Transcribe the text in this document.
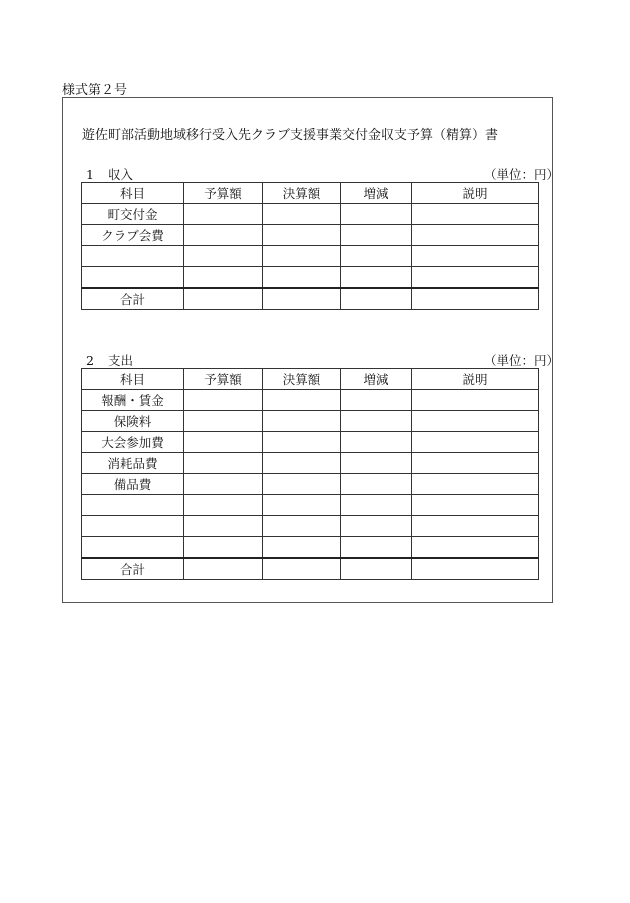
様式第２号
遊佐町部活動地域移行受入先クラブ支援事業交付金収支予算（精算）書
1 収入	（単位：円）
科目	予算額	決算額	増減	説明
町交付金				
クラブ会費				

合計				
2 支出	（単位：円）
科目	予算額	決算額	増減	説明
報酬・賃金				
保険料				
大会参加費				
消耗品費				
備品費				

合計				
